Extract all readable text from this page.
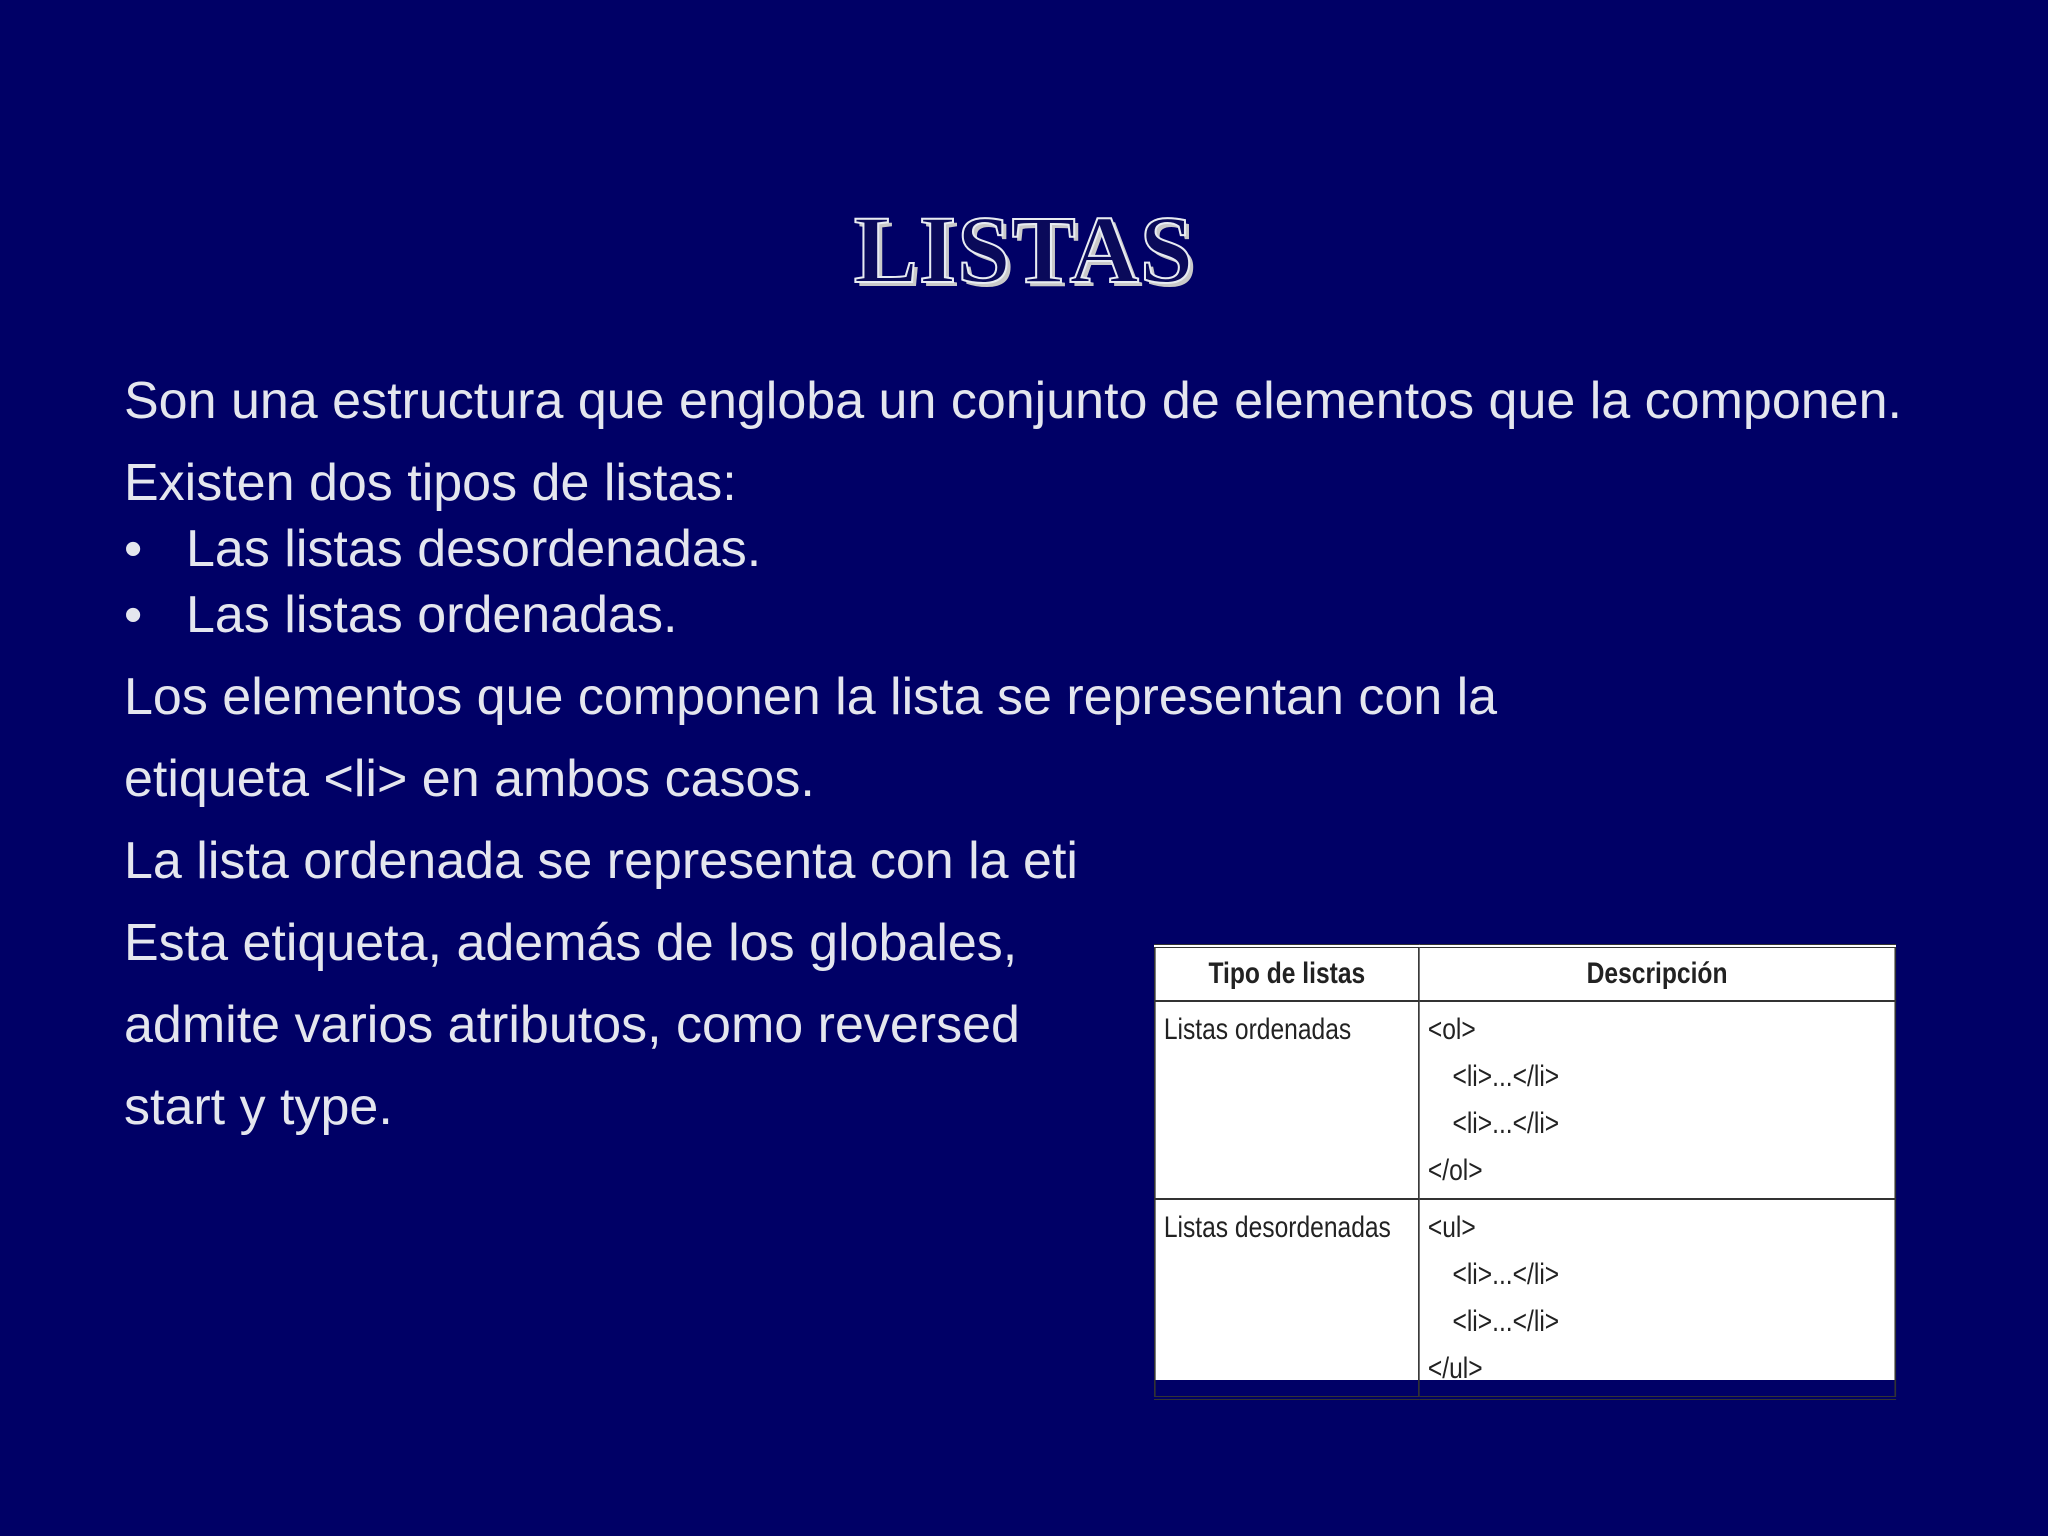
LISTAS

Son una estructura que engloba un conjunto de elementos que la componen.

Existen dos tipos de listas:

• Las listas desordenadas.

• Las listas ordenadas.

Los elementos que componen la lista se representan con la

etiqueta <li> en ambos casos.

La lista ordenada se representa con la eti

Esta etiqueta, además de los globales,

admite varios atributos, como reversed

start y type.

Tipo de listas	Descripción

Listas ordenadas	<ol>
<li>...</li>
<li>...</li>
</ol>

Listas desordenadas	<ul>
<li>...</li>
<li>...</li>
</ul>
